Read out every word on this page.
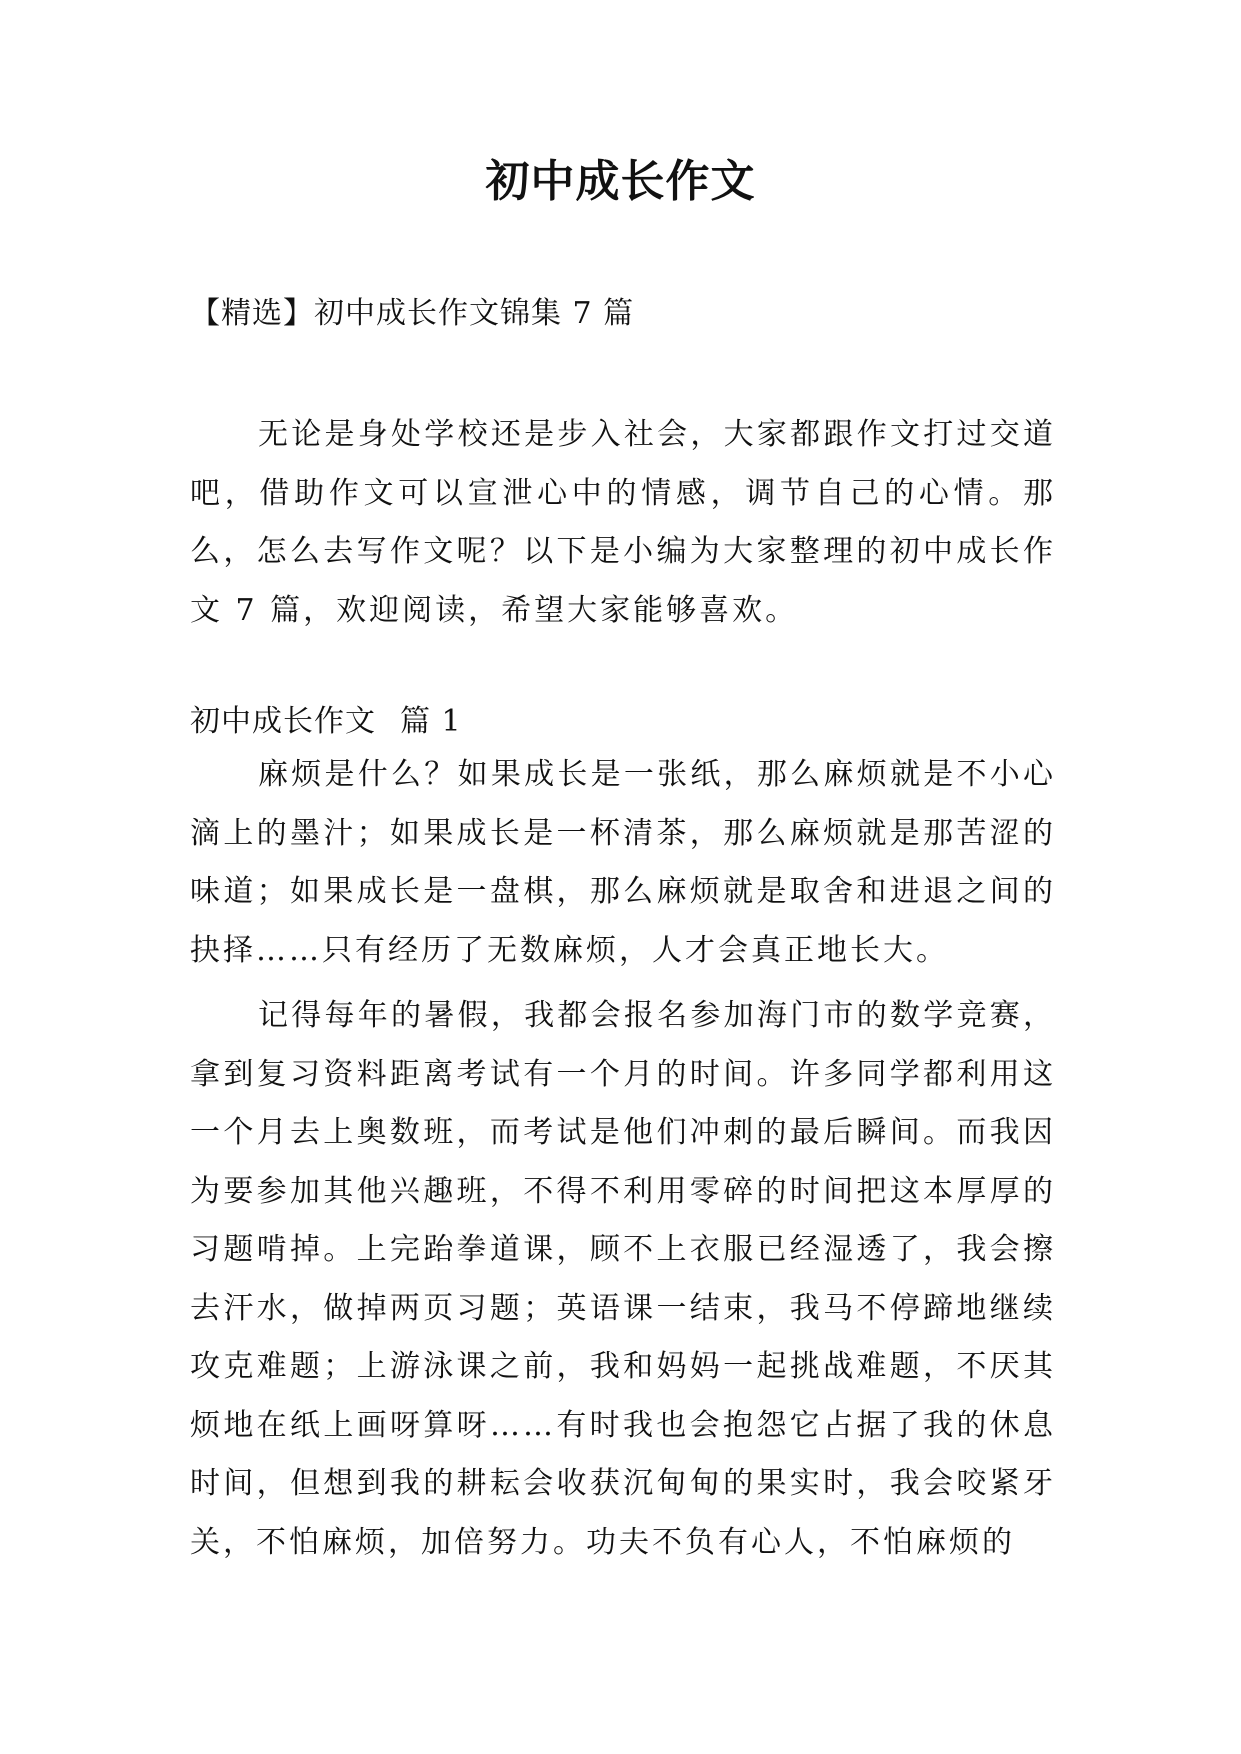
初中成长作文

【精选】初中成长作文锦集 7 篇

无论是身处学校还是步入社会，大家都跟作文打过交道吧，借助作文可以宣泄心中的情感，调节自己的心情。那么，怎么去写作文呢？以下是小编为大家整理的初中成长作文 7 篇，欢迎阅读，希望大家能够喜欢。

初中成长作文 篇 1

麻烦是什么？如果成长是一张纸，那么麻烦就是不小心滴上的墨汁；如果成长是一杯清茶，那么麻烦就是那苦涩的味道；如果成长是一盘棋，那么麻烦就是取舍和进退之间的抉择……只有经历了无数麻烦，人才会真正地长大。

记得每年的暑假，我都会报名参加海门市的数学竞赛，拿到复习资料距离考试有一个月的时间。许多同学都利用这一个月去上奥数班，而考试是他们冲刺的最后瞬间。而我因为要参加其他兴趣班，不得不利用零碎的时间把这本厚厚的习题啃掉。上完跆拳道课，顾不上衣服已经湿透了，我会擦去汗水，做掉两页习题；英语课一结束，我马不停蹄地继续攻克难题；上游泳课之前，我和妈妈一起挑战难题，不厌其烦地在纸上画呀算呀……有时我也会抱怨它占据了我的休息时间，但想到我的耕耘会收获沉甸甸的果实时，我会咬紧牙关，不怕麻烦，加倍努力。功夫不负有心人，不怕麻烦的
